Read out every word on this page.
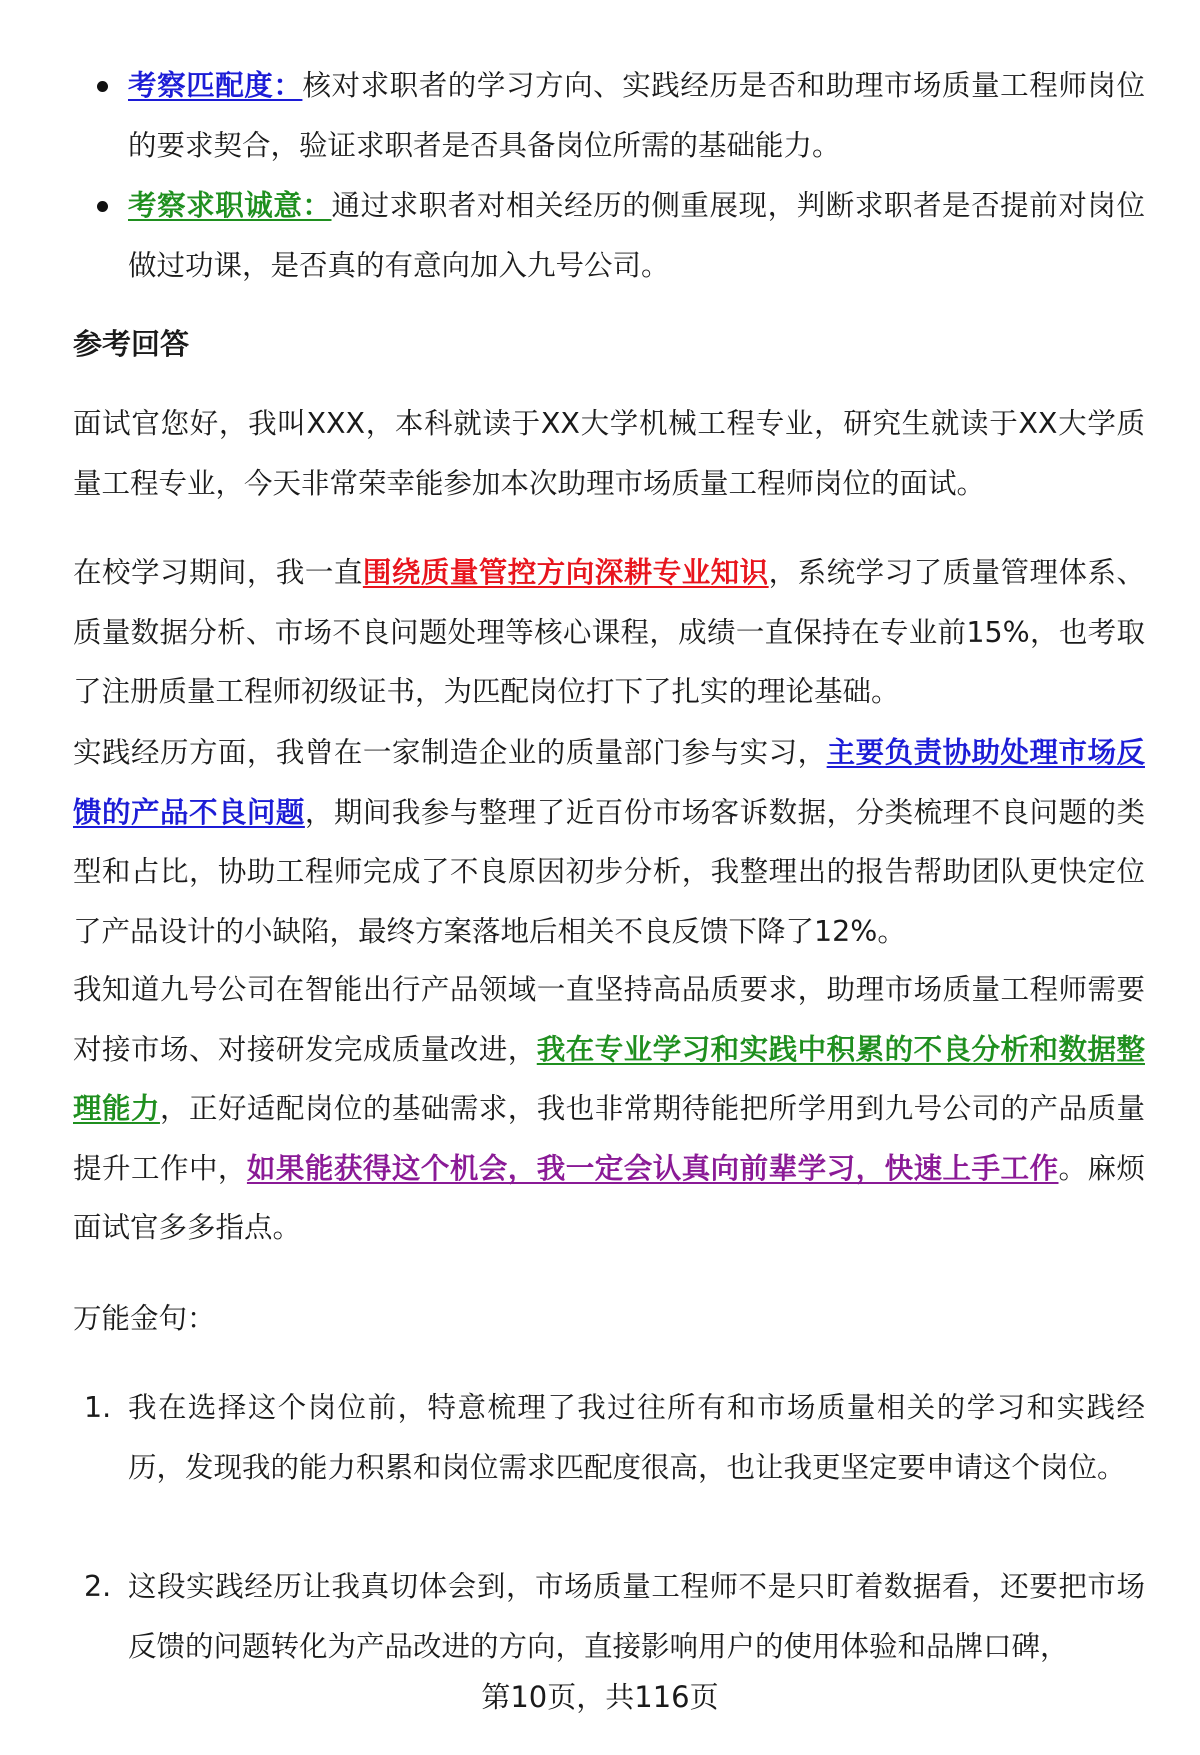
考察匹配度：核对求职者的学习方向、实践经历是否和助理市场质量工程师岗位的要求契合，验证求职者是否具备岗位所需的基础能力。

考察求职诚意：通过求职者对相关经历的侧重展现，判断求职者是否提前对岗位做过功课，是否真的有意向加入九号公司。

参考回答

面试官您好，我叫XXX，本科就读于XX大学机械工程专业，研究生就读于XX大学质量工程专业，今天非常荣幸能参加本次助理市场质量工程师岗位的面试。

在校学习期间，我一直围绕质量管控方向深耕专业知识，系统学习了质量管理体系、质量数据分析、市场不良问题处理等核心课程，成绩一直保持在专业前15%，也考取了注册质量工程师初级证书，为匹配岗位打下了扎实的理论基础。

实践经历方面，我曾在一家制造企业的质量部门参与实习，主要负责协助处理市场反馈的产品不良问题，期间我参与整理了近百份市场客诉数据，分类梳理不良问题的类型和占比，协助工程师完成了不良原因初步分析，我整理出的报告帮助团队更快定位了产品设计的小缺陷，最终方案落地后相关不良反馈下降了12%。

我知道九号公司在智能出行产品领域一直坚持高品质要求，助理市场质量工程师需要对接市场、对接研发完成质量改进，我在专业学习和实践中积累的不良分析和数据整理能力，正好适配岗位的基础需求，我也非常期待能把所学用到九号公司的产品质量提升工作中，如果能获得这个机会，我一定会认真向前辈学习，快速上手工作。麻烦面试官多多指点。

万能金句：

1. 我在选择这个岗位前，特意梳理了我过往所有和市场质量相关的学习和实践经历，发现我的能力积累和岗位需求匹配度很高，也让我更坚定要申请这个岗位。

2. 这段实践经历让我真切体会到，市场质量工程师不是只盯着数据看，还要把市场反馈的问题转化为产品改进的方向，直接影响用户的使用体验和品牌口碑，

第10页，共116页
